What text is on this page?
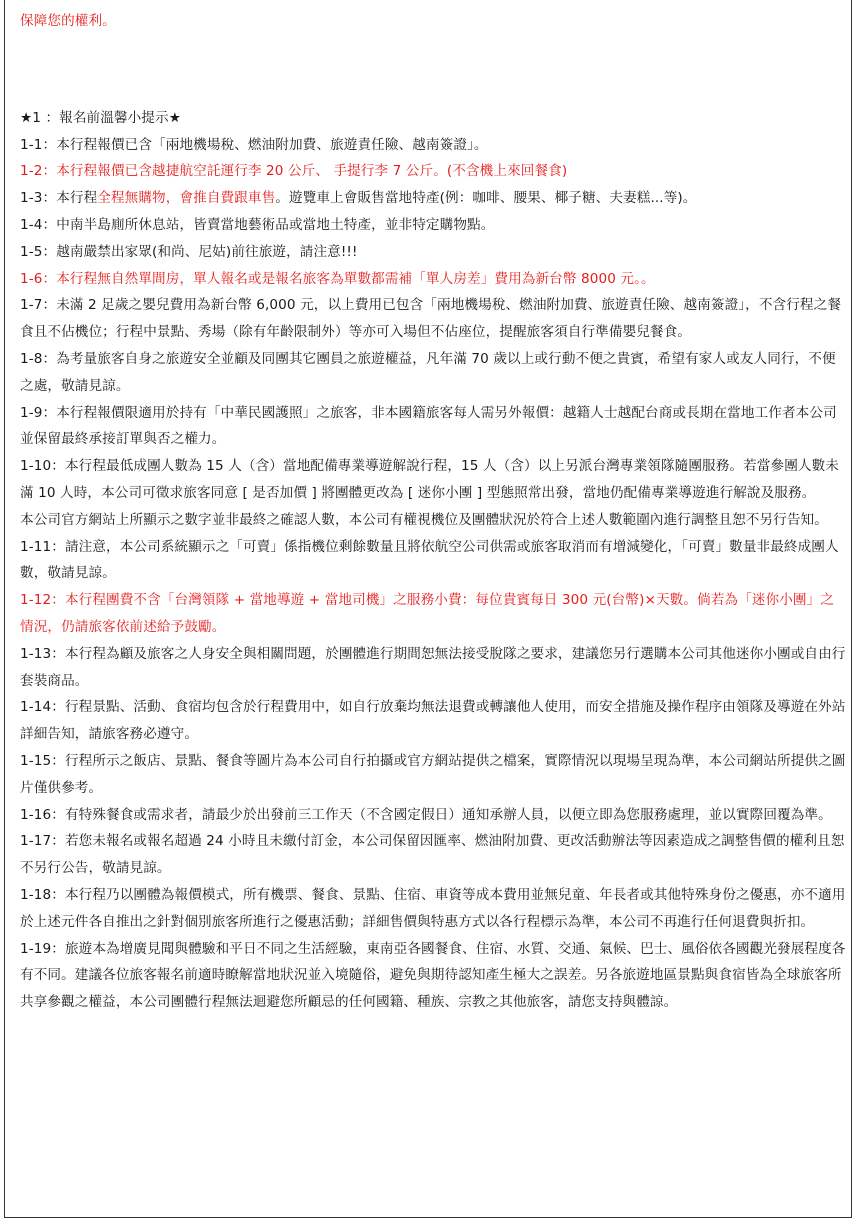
保障您的權利。

★1 ：報名前溫馨小提示★

1-1：本行程報價已含「兩地機場稅、燃油附加費、旅遊責任險、越南簽證」。

1-2：本行程報價已含越捷航空託運行李 20 公斤、 手提行李 7 公斤。(不含機上來回餐食)

1-3：本行程全程無購物，會推自費跟車售。遊覽車上會販售當地特產(例：咖啡、腰果、椰子糖、夫妻糕...等)。

1-4：中南半島廁所休息站，皆賣當地藝術品或當地土特產，並非特定購物點。

1-5：越南嚴禁出家眾(和尚、尼姑)前往旅遊，請注意!!!

1-6：本行程無自然單間房，單人報名或是報名旅客為單數都需補「單人房差」費用為新台幣 8000 元。。

1-7：未滿 2 足歲之嬰兒費用為新台幣 6,000 元，以上費用已包含「兩地機場稅、燃油附加費、旅遊責任險、越南簽證」，不含行程之餐食且不佔機位；行程中景點、秀場（除有年齡限制外）等亦可入場但不佔座位，提醒旅客須自行準備嬰兒餐食。

1-8：為考量旅客自身之旅遊安全並顧及同團其它團員之旅遊權益，凡年滿 70 歲以上或行動不便之貴賓，希望有家人或友人同行，不便之處，敬請見諒。

1-9：本行程報價限適用於持有「中華民國護照」之旅客，非本國籍旅客每人需另外報價：越籍人士越配台商或長期在當地工作者本公司並保留最終承接訂單與否之權力。

1-10：本行程最低成團人數為 15 人（含）當地配備專業導遊解說行程，15 人（含）以上另派台灣專業領隊隨團服務。若當參團人數未滿 10 人時，本公司可徵求旅客同意 [ 是否加價 ] 將團體更改為 [ 迷你小團 ] 型態照常出發，當地仍配備專業導遊進行解說及服務。

本公司官方網站上所顯示之數字並非最終之確認人數，本公司有權視機位及團體狀況於符合上述人數範圍內進行調整且恕不另行告知。

1-11：請注意，本公司系統顯示之「可賣」係指機位剩餘數量且將依航空公司供需或旅客取消而有增減變化，「可賣」數量非最終成團人數，敬請見諒。

1-12：本行程團費不含「台灣領隊 + 當地導遊 + 當地司機」之服務小費：每位貴賓每日 300 元(台幣)×天數。倘若為「迷你小團」之情況，仍請旅客依前述給予鼓勵。

1-13：本行程為顧及旅客之人身安全與相關問題，於團體進行期間恕無法接受脫隊之要求，建議您另行選購本公司其他迷你小團或自由行套裝商品。

1-14：行程景點、活動、食宿均包含於行程費用中，如自行放棄均無法退費或轉讓他人使用，而安全措施及操作程序由領隊及導遊在外站詳細告知，請旅客務必遵守。

1-15：行程所示之飯店、景點、餐食等圖片為本公司自行拍攝或官方網站提供之檔案，實際情況以現場呈現為準，本公司網站所提供之圖片僅供參考。

1-16：有特殊餐食或需求者，請最少於出發前三工作天（不含國定假日）通知承辦人員，以便立即為您服務處理，並以實際回覆為準。

1-17：若您未報名或報名超過 24 小時且未繳付訂金，本公司保留因匯率、燃油附加費、更改活動辦法等因素造成之調整售價的權利且恕不另行公告，敬請見諒。

1-18：本行程乃以團體為報價模式，所有機票、餐食、景點、住宿、車資等成本費用並無兒童、年長者或其他特殊身份之優惠，亦不適用於上述元件各自推出之針對個別旅客所進行之優惠活動；詳細售價與特惠方式以各行程標示為準，本公司不再進行任何退費與折扣。

1-19：旅遊本為增廣見聞與體驗和平日不同之生活經驗，東南亞各國餐食、住宿、水質、交通、氣候、巴士、風俗依各國觀光發展程度各有不同。建議各位旅客報名前適時瞭解當地狀況並入境隨俗，避免與期待認知產生極大之誤差。另各旅遊地區景點與食宿皆為全球旅客所共享參觀之權益，本公司團體行程無法迴避您所顧忌的任何國籍、種族、宗教之其他旅客，請您支持與體諒。
